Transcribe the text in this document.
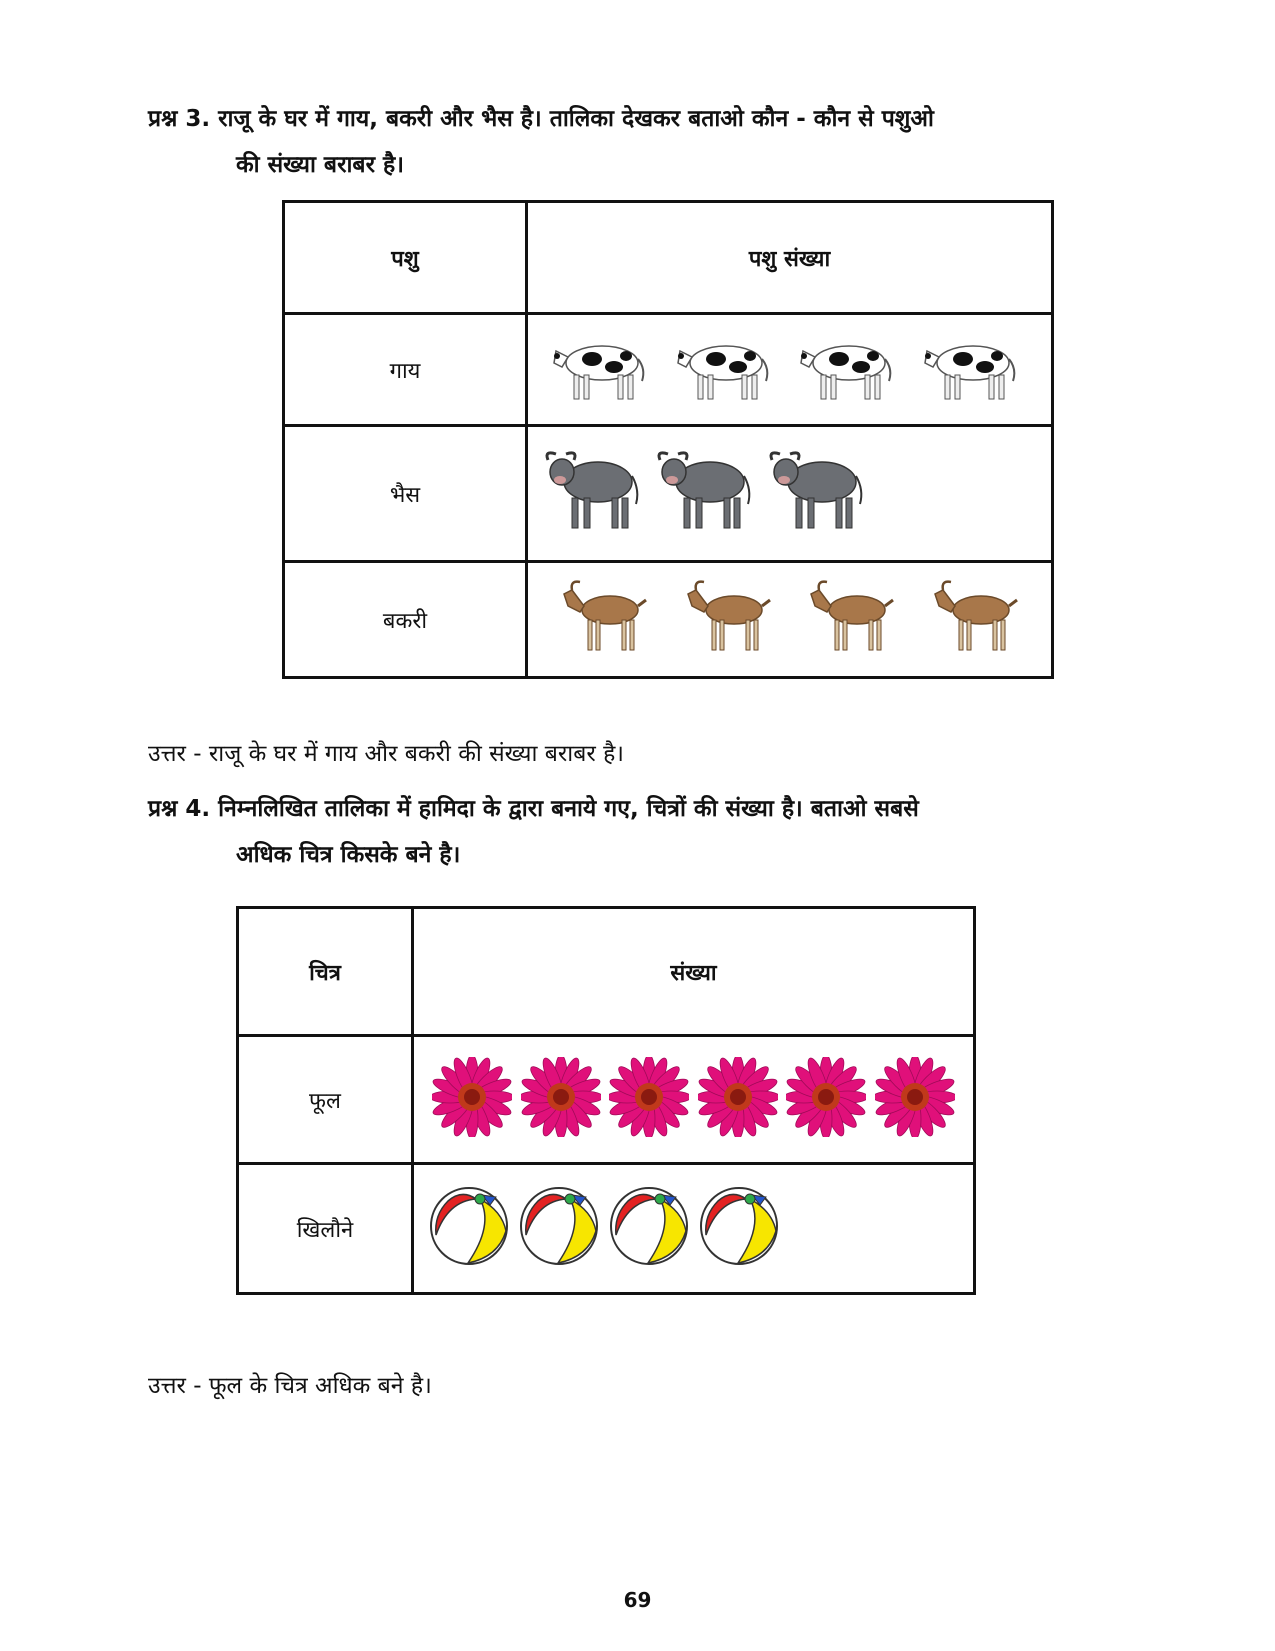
प्रश्न 3. राजू के घर में गाय, बकरी और भैस है। तालिका देखकर बताओ कौन - कौन से पशुओ
की संख्या बराबर है।
पशु	पशु संख्या
गाय	

भैस	

बकरी	
उत्तर - राजू के घर में गाय और बकरी की संख्या बराबर है।
प्रश्न 4. निम्नलिखित तालिका में हामिदा के द्वारा बनाये गए, चित्रों की संख्या है। बताओ सबसे
अधिक चित्र किसके बने है।
चित्र	संख्या
फूल	

खिलौने	
उत्तर - फूल के चित्र अधिक बने है।
69
